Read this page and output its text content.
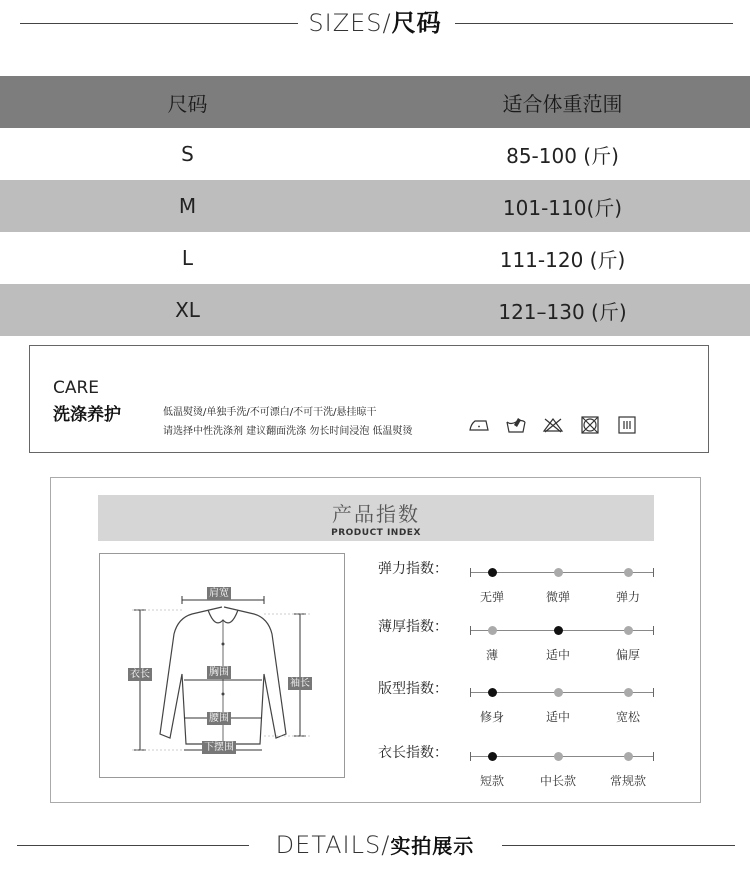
SIZES/尺码
尺码	适合体重范围
S	85-100 (斤)
M	101-110(斤)
L	111-120 (斤)
XL	121–130 (斤)
CARE
洗涤养护	低温熨烫/单独手洗/不可漂白/不可干洗/悬挂晾干
请选择中性洗涤剂 建议翻面洗涤 勿长时间浸泡 低温熨烫
产品指数
PRODUCT INDEX
肩宽
衣长	胸围
袖长
腰围
下摆围
弹力指数：
无弹	微弹	弹力
薄厚指数：
薄	适中	偏厚
版型指数：
修身	适中	宽松
衣长指数：
短款	中长款	常规款
DETAILS/实拍展示
